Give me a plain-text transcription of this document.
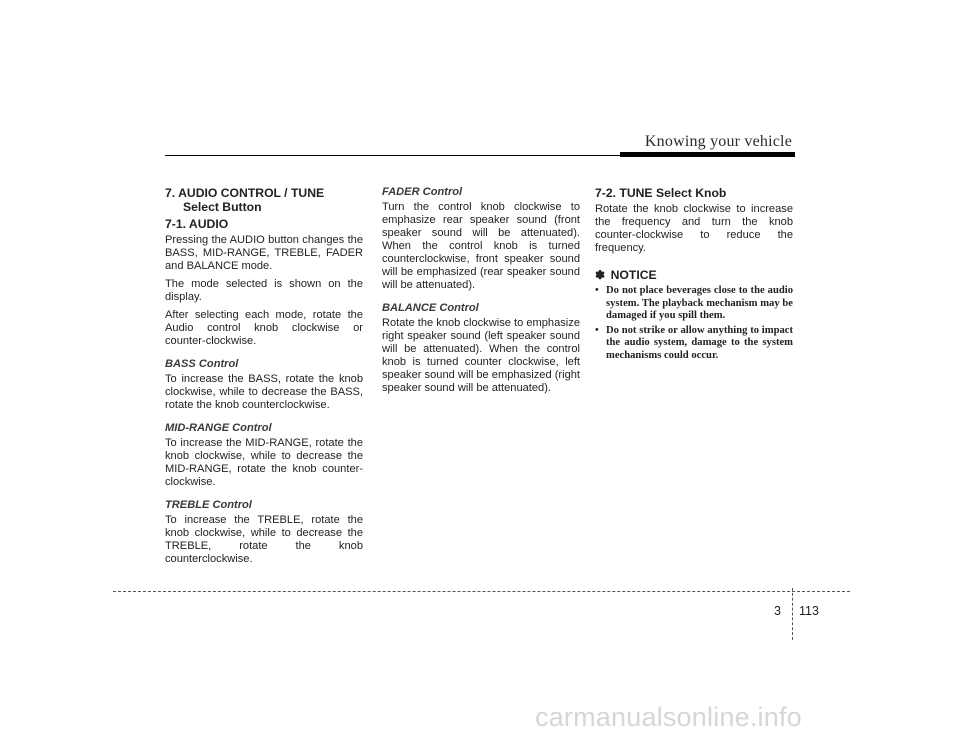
Knowing your vehicle
7. AUDIO CONTROL / TUNE Select Button
7-1. AUDIO

Pressing the AUDIO button changes the BASS, MID-RANGE, TREBLE, FADER and BALANCE mode.

The mode selected is shown on the display.

After selecting each mode, rotate the Audio control knob clockwise or counter-clockwise.

BASS Control

To increase the BASS, rotate the knob clockwise, while to decrease the BASS, rotate the knob counterclockwise.

MID-RANGE Control

To increase the MID-RANGE, rotate the knob clockwise, while to decrease the MID-RANGE, rotate the knob counter-clockwise.

TREBLE Control

To increase the TREBLE, rotate the knob clockwise, while to decrease the TREBLE, rotate the knob counterclockwise.

FADER Control

Turn the control knob clockwise to emphasize rear speaker sound (front speaker sound will be attenuated). When the control knob is turned counterclockwise, front speaker sound will be emphasized (rear speaker sound will be attenuated).

BALANCE Control

Rotate the knob clockwise to emphasize right speaker sound (left speaker sound will be attenuated). When the control knob is turned counter clockwise, left speaker sound will be emphasized (right speaker sound will be attenuated).

7-2. TUNE Select Knob

Rotate the knob clockwise to increase the frequency and turn the knob counter-clockwise to reduce the frequency.

✽ NOTICE
• Do not place beverages close to the audio system. The playback mechanism may be damaged if you spill them.
• Do not strike or allow anything to impact the audio system, damage to the system mechanisms could occur.
3 113
carmanualsonline.info
